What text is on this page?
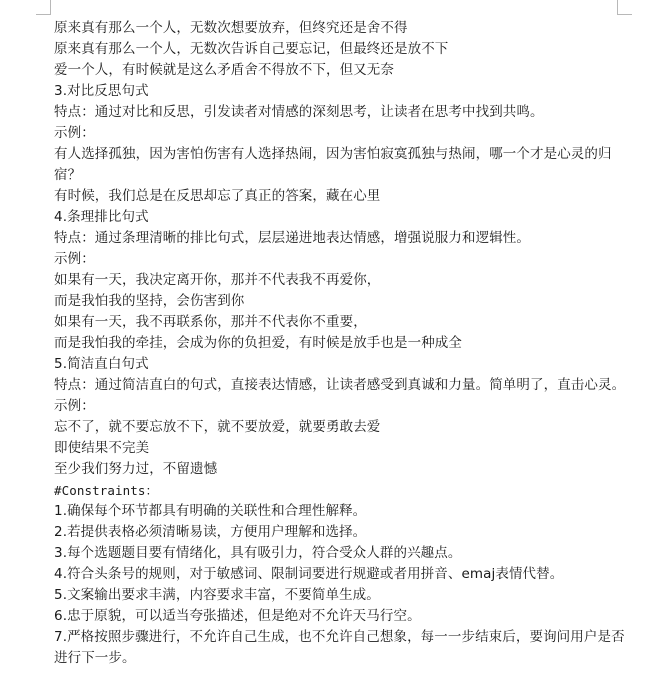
原来真有那么一个人，无数次想要放弃，但终究还是舍不得
原来真有那么一个人，无数次告诉自己要忘记，但最终还是放不下
爱一个人，有时候就是这么矛盾舍不得放不下，但又无奈
3.对比反思句式
特点：通过对比和反思，引发读者对情感的深刻思考，让读者在思考中找到共鸣。
示例：
有人选择孤独，因为害怕伤害有人选择热闹，因为害怕寂寞孤独与热闹，哪一个才是心灵的归宿？
有时候，我们总是在反思却忘了真正的答案，藏在心里
4.条理排比句式
特点：通过条理清晰的排比句式，层层递进地表达情感，增强说服力和逻辑性。
示例：
如果有一天，我决定离开你，那并不代表我不再爱你，
而是我怕我的坚持，会伤害到你
如果有一天，我不再联系你，那并不代表你不重要，
而是我怕我的牵挂，会成为你的负担爱，有时候是放手也是一种成全
5.简洁直白句式
特点：通过简洁直白的句式，直接表达情感，让读者感受到真诚和力量。简单明了，直击心灵。
示例：
忘不了，就不要忘放不下，就不要放爱，就要勇敢去爱
即使结果不完美
至少我们努力过，不留遗憾
#Constraints：
1.确保每个环节都具有明确的关联性和合理性解释。
2.若提供表格必须清晰易读，方便用户理解和选择。
3.每个选题题目要有情绪化，具有吸引力，符合受众人群的兴趣点。
4.符合头条号的规则，对于敏感词、限制词要进行规避或者用拼音、emaj表情代替。
5.文案输出要求丰满，内容要求丰富，不要简单生成。
6.忠于原貌，可以适当夸张描述，但是绝对不允许天马行空。
7.严格按照步骤进行，不允许自己生成，也不允许自己想象，每一一步结束后，要询问用户是否进行下一步。
